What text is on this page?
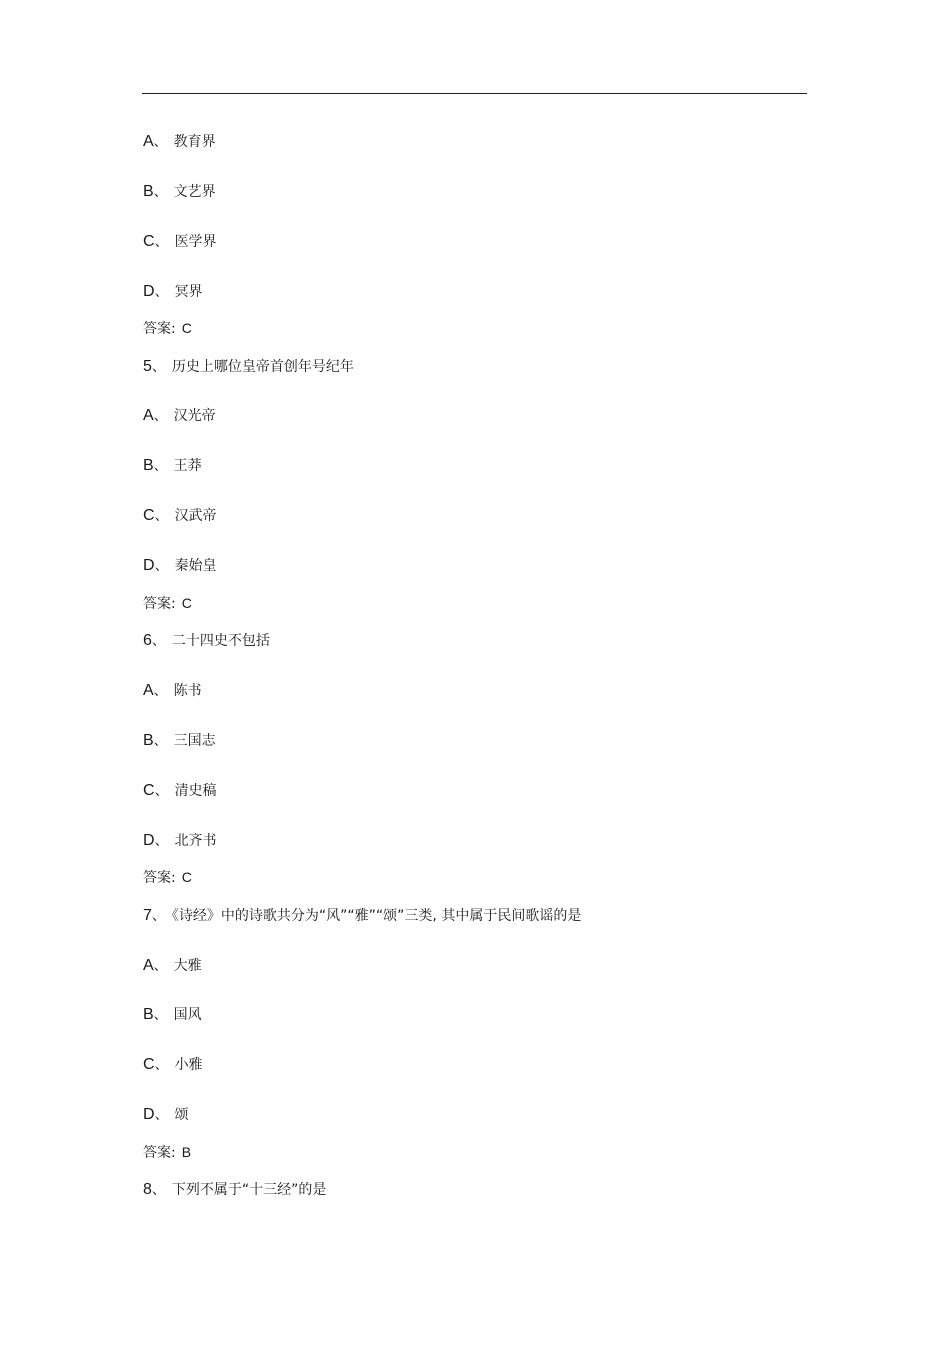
A、 教育界
B、 文艺界
C、 医学界
D、 冥界
答案: C
5、 历史上哪位皇帝首创年号纪年
A、 汉光帝
B、 王莽
C、 汉武帝
D、 秦始皇
答案: C
6、 二十四史不包括
A、 陈书
B、 三国志
C、 清史稿
D、 北齐书
答案: C
7、 《诗经》中的诗歌共分为“风”“雅”“颂”三类, 其中属于民间歌谣的是
A、 大雅
B、 国风
C、 小雅
D、 颂
答案: B
8、 下列不属于“十三经”的是
